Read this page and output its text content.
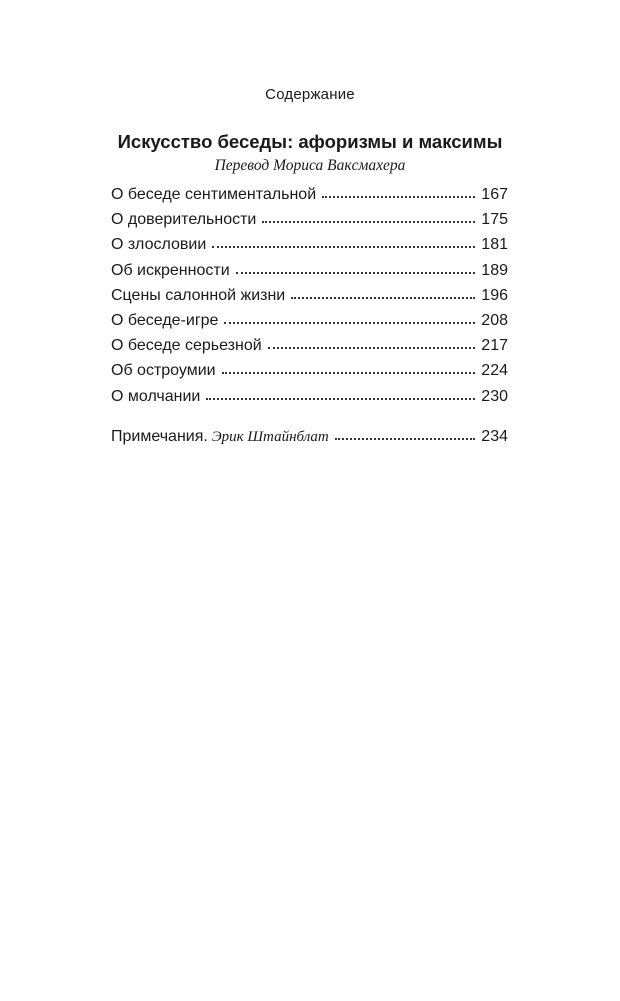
Содержание
Искусство беседы: афоризмы и максимы
Перевод Мориса Вакcмахера
О беседе сентиментальной	167
О доверительности	175
О злословии	181
Об искренности	189
Сцены салонной жизни	196
О беседе-игре	208
О беседе серьезной	217
Об остроумии	224
О молчании	230
Примечания. Эрик Штайнблат	234
